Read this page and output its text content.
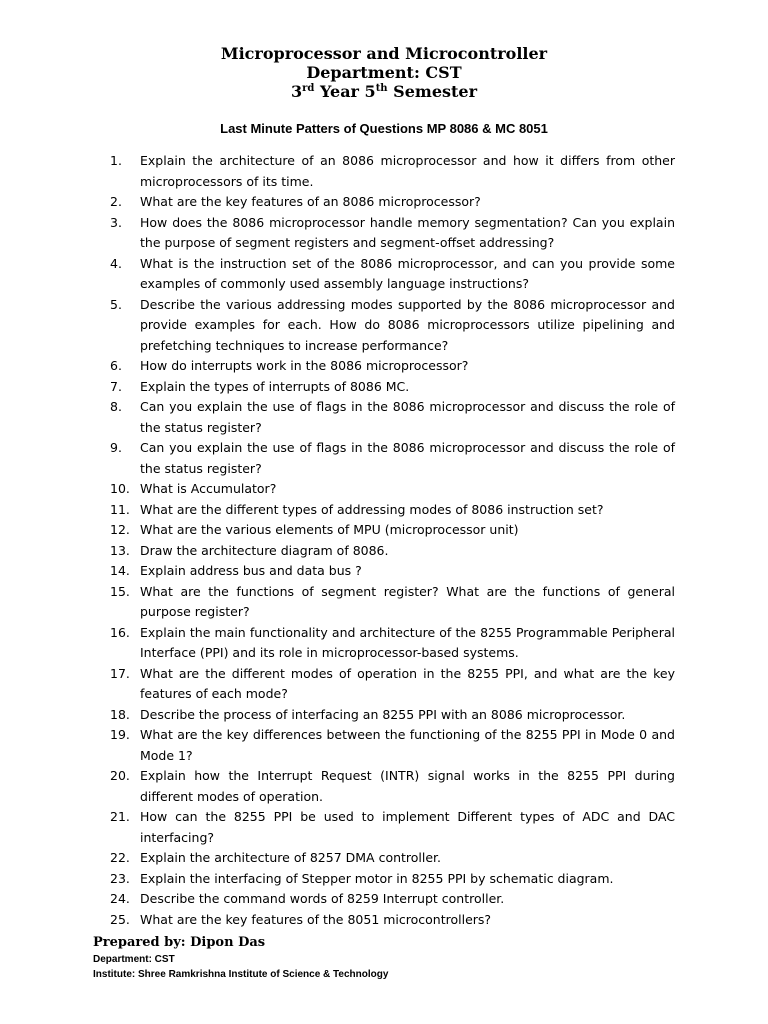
Microprocessor and Microcontroller
Department: CST
3rd Year 5th Semester
Last Minute Patters of Questions MP 8086 & MC 8051
1.	Explain the architecture of an 8086 microprocessor and how it differs from other microprocessors of its time.
2.	What are the key features of an 8086 microprocessor?
3.	How does the 8086 microprocessor handle memory segmentation? Can you explain the purpose of segment registers and segment-offset addressing?
4.	What is the instruction set of the 8086 microprocessor, and can you provide some examples of commonly used assembly language instructions?
5.	Describe the various addressing modes supported by the 8086 microprocessor and provide examples for each. How do 8086 microprocessors utilize pipelining and prefetching techniques to increase performance?
6.	How do interrupts work in the 8086 microprocessor?
7.	Explain the types of interrupts of 8086 MC.
8.	Can you explain the use of flags in the 8086 microprocessor and discuss the role of the status register?
9.	Can you explain the use of flags in the 8086 microprocessor and discuss the role of the status register?
10. What is Accumulator?
11. What are the different types of addressing modes of 8086 instruction set?
12. What are the various elements of MPU (microprocessor unit)
13. Draw the architecture diagram of 8086.
14. Explain address bus and data bus ?
15. What are the functions of segment register? What are the functions of general purpose register?
16. Explain the main functionality and architecture of the 8255 Programmable Peripheral Interface (PPI) and its role in microprocessor-based systems.
17. What are the different modes of operation in the 8255 PPI, and what are the key features of each mode?
18. Describe the process of interfacing an 8255 PPI with an 8086 microprocessor.
19. What are the key differences between the functioning of the 8255 PPI in Mode 0 and Mode 1?
20. Explain how the Interrupt Request (INTR) signal works in the 8255 PPI during different modes of operation.
21. How can the 8255 PPI be used to implement Different types of ADC and DAC interfacing?
22. Explain the architecture of 8257 DMA controller.
23. Explain the interfacing of Stepper motor in 8255 PPI by schematic diagram.
24. Describe the command words of 8259 Interrupt controller.
25. What are the key features of the 8051 microcontrollers?
Prepared by: Dipon Das
Department: CST
Institute: Shree Ramkrishna Institute of Science & Technology
